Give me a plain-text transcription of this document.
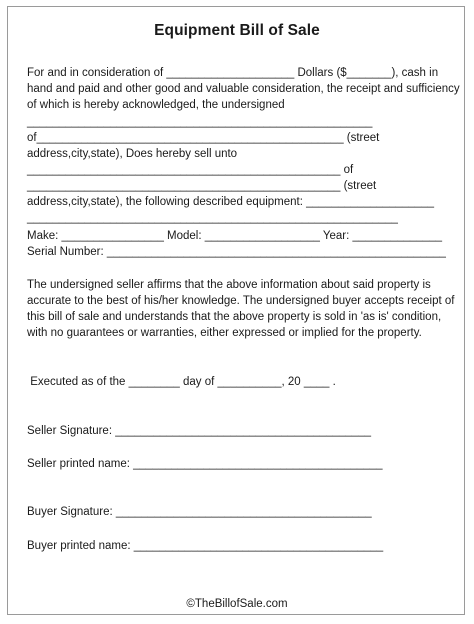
Equipment Bill of Sale
For and in consideration of ____________________ Dollars ($_______), cash in
hand and paid and other good and valuable consideration, the receipt and sufficiency
of which is hereby acknowledged, the undersigned
______________________________________________________
of________________________________________________ (street
address,city,state), Does hereby sell unto
_________________________________________________ of
_________________________________________________ (street
address,city,state), the following described equipment: ____________________
__________________________________________________________
Make: ________________ Model: __________________ Year: ______________
Serial Number: _____________________________________________________
The undersigned seller affirms that the above information about said property is
accurate to the best of his/her knowledge. The undersigned buyer accepts receipt of
this bill of sale and understands that the above property is sold in 'as is' condition,
with no guarantees or warranties, either expressed or implied for the property.
Executed as of the ________ day of __________, 20 ____ .
Seller Signature: ________________________________________
Seller printed name: _______________________________________
Buyer Signature: ________________________________________
Buyer printed name: _______________________________________
©TheBillofSale.com
